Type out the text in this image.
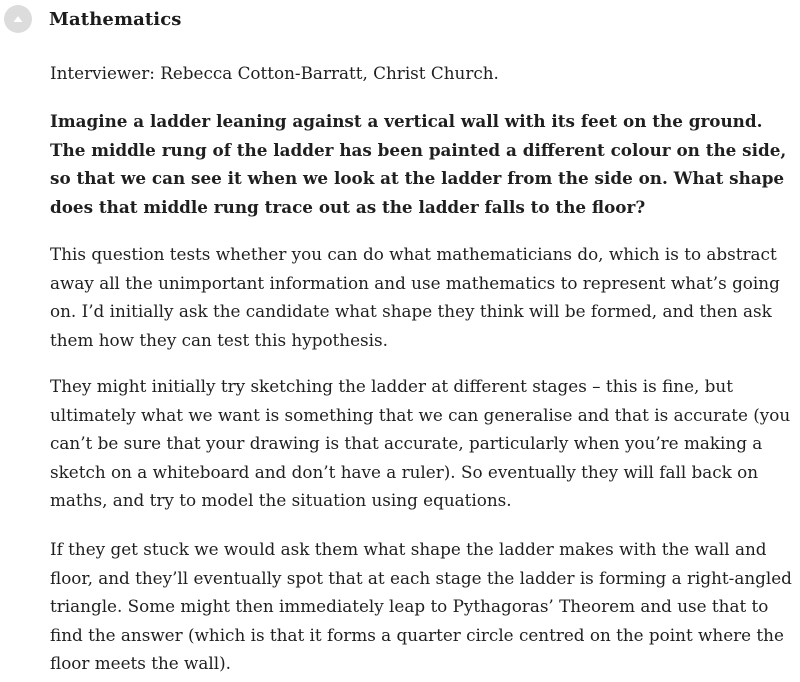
Mathematics

Interviewer: Rebecca Cotton-Barratt, Christ Church.

Imagine a ladder leaning against a vertical wall with its feet on the ground. The middle rung of the ladder has been painted a different colour on the side, so that we can see it when we look at the ladder from the side on. What shape does that middle rung trace out as the ladder falls to the floor?

This question tests whether you can do what mathematicians do, which is to abstract away all the unimportant information and use mathematics to represent what’s going on. I’d initially ask the candidate what shape they think will be formed, and then ask them how they can test this hypothesis.

They might initially try sketching the ladder at different stages – this is fine, but ultimately what we want is something that we can generalise and that is accurate (you can’t be sure that your drawing is that accurate, particularly when you’re making a sketch on a whiteboard and don’t have a ruler). So eventually they will fall back on maths, and try to model the situation using equations.

If they get stuck we would ask them what shape the ladder makes with the wall and floor, and they’ll eventually spot that at each stage the ladder is forming a right-angled triangle. Some might then immediately leap to Pythagoras’ Theorem and use that to find the answer (which is that it forms a quarter circle centred on the point where the floor meets the wall).
